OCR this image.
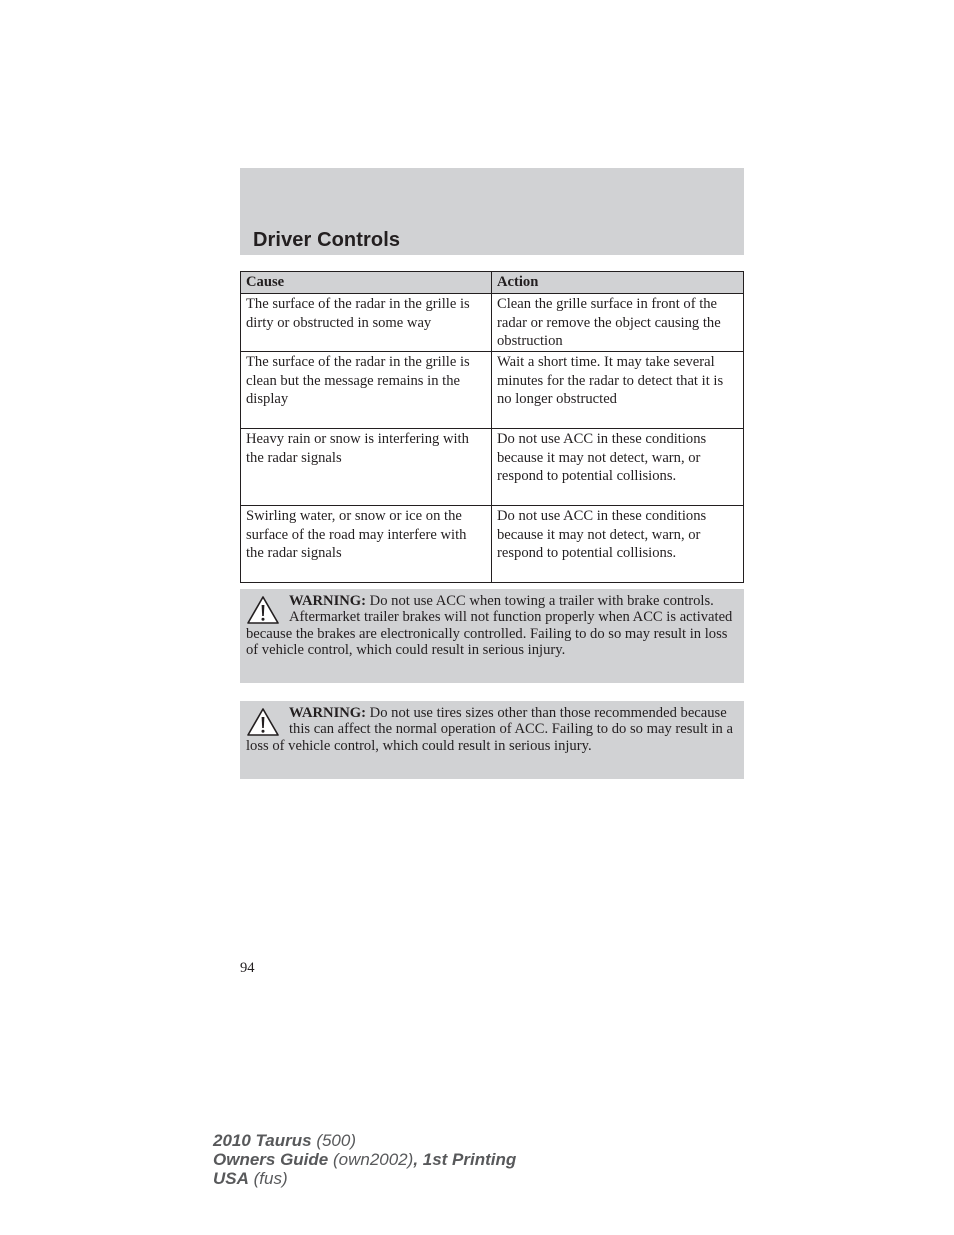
Driver Controls
Cause	Action
The surface of the radar in the grille is dirty or obstructed in some way	Clean the grille surface in front of the radar or remove the object causing the obstruction
The surface of the radar in the grille is clean but the message remains in the display	Wait a short time. It may take several minutes for the radar to detect that it is no longer obstructed
Heavy rain or snow is interfering with the radar signals	Do not use ACC in these conditions because it may not detect, warn, or respond to potential collisions.
Swirling water, or snow or ice on the surface of the road may interfere with the radar signals	Do not use ACC in these conditions because it may not detect, warn, or respond to potential collisions.
WARNING: Do not use ACC when towing a trailer with brake controls. Aftermarket trailer brakes will not function properly when ACC is activated because the brakes are electronically controlled. Failing to do so may result in loss of vehicle control, which could result in serious injury.
WARNING: Do not use tires sizes other than those recommended because this can affect the normal operation of ACC. Failing to do so may result in a loss of vehicle control, which could result in serious injury.
94
2010 Taurus (500)
Owners Guide (own2002), 1st Printing
USA (fus)
